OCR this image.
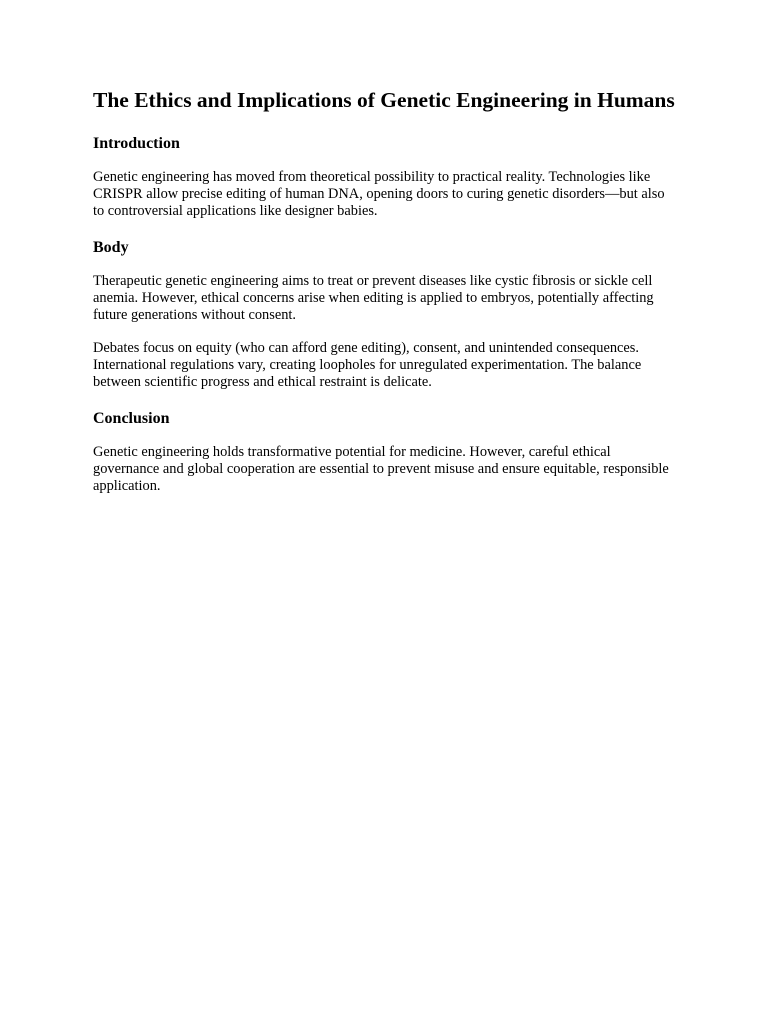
The Ethics and Implications of Genetic Engineering in Humans
Introduction

Genetic engineering has moved from theoretical possibility to practical reality. Technologies like CRISPR allow precise editing of human DNA, opening doors to curing genetic disorders—but also to controversial applications like designer babies.

Body

Therapeutic genetic engineering aims to treat or prevent diseases like cystic fibrosis or sickle cell anemia. However, ethical concerns arise when editing is applied to embryos, potentially affecting future generations without consent.

Debates focus on equity (who can afford gene editing), consent, and unintended consequences. International regulations vary, creating loopholes for unregulated experimentation. The balance between scientific progress and ethical restraint is delicate.

Conclusion

Genetic engineering holds transformative potential for medicine. However, careful ethical governance and global cooperation are essential to prevent misuse and ensure equitable, responsible application.
